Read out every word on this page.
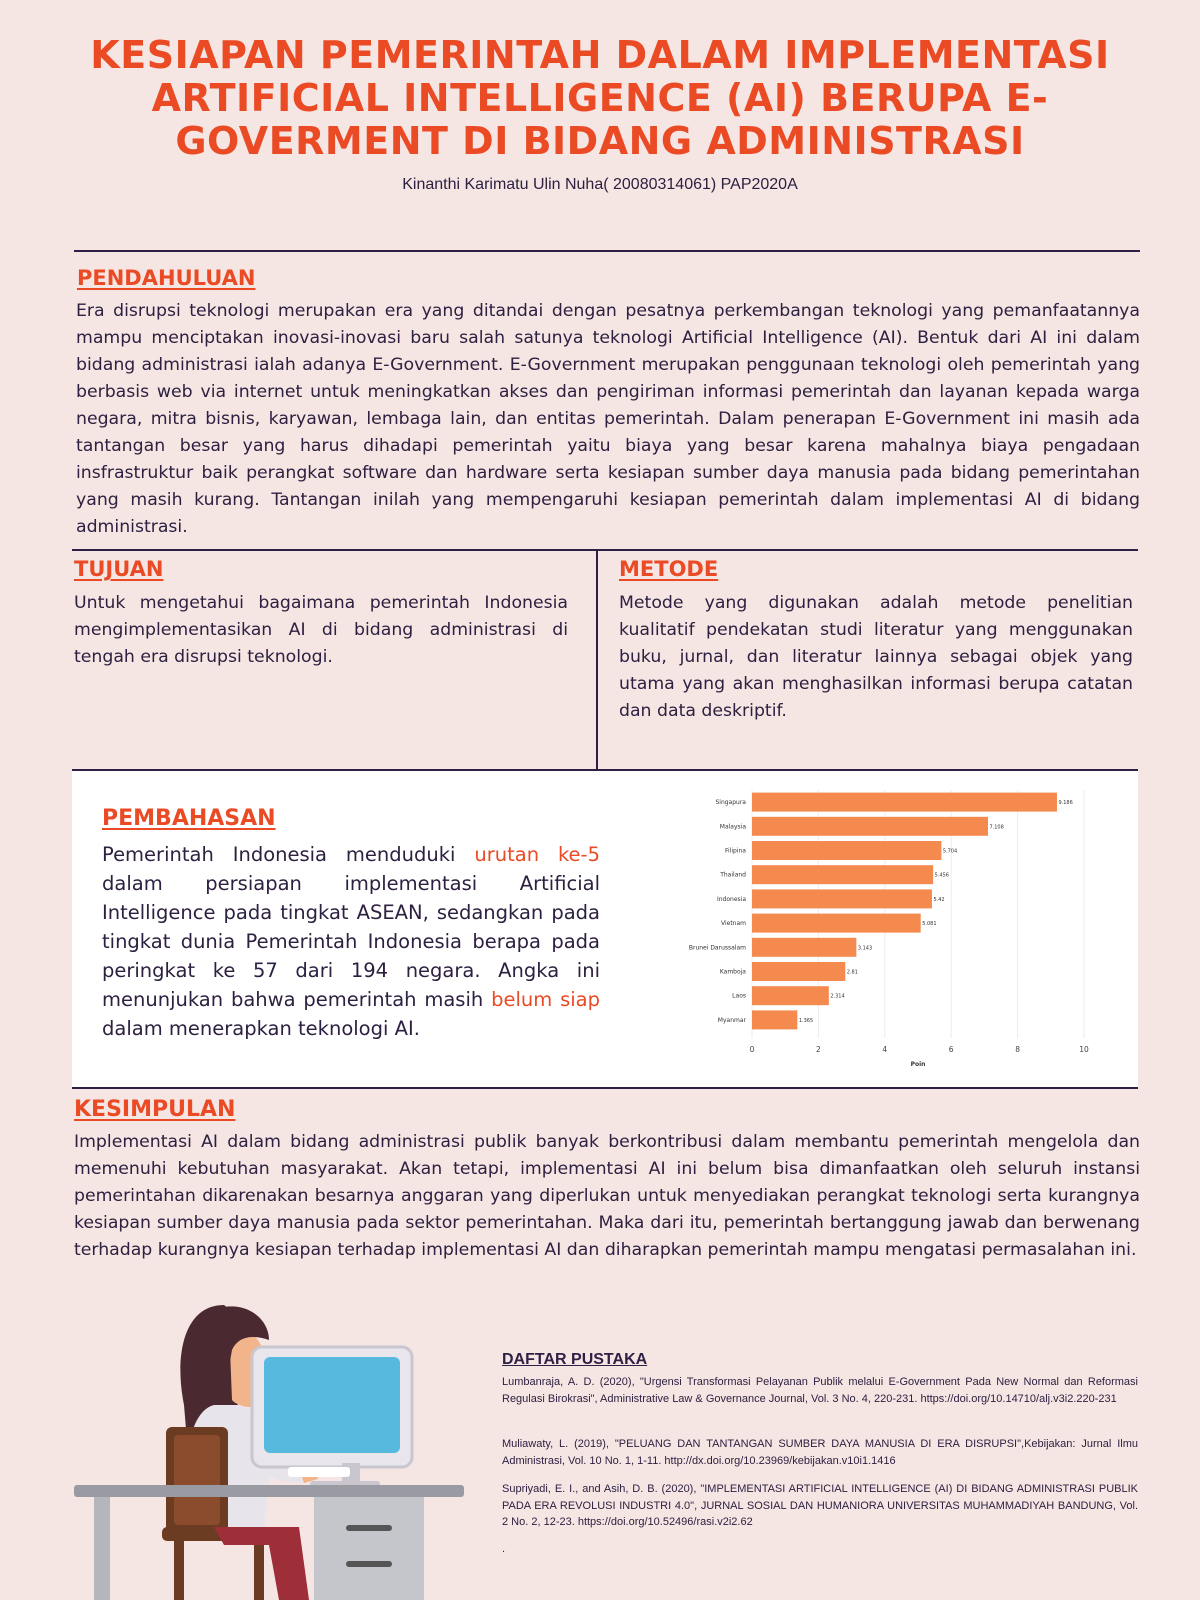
KESIAPAN PEMERINTAH DALAM IMPLEMENTASI
ARTIFICIAL INTELLIGENCE (AI) BERUPA E-
GOVERMENT DI BIDANG ADMINISTRASI
Kinanthi Karimatu Ulin Nuha( 20080314061) PAP2020A
PENDAHULUAN

Era disrupsi teknologi merupakan era yang ditandai dengan pesatnya perkembangan teknologi yang pemanfaatannya mampu menciptakan inovasi-inovasi baru salah satunya teknologi Artificial Intelligence (AI). Bentuk dari AI ini dalam bidang administrasi ialah adanya E-Government. E-Government merupakan penggunaan teknologi oleh pemerintah yang berbasis web via internet untuk meningkatkan akses dan pengiriman informasi pemerintah dan layanan kepada warga negara, mitra bisnis, karyawan, lembaga lain, dan entitas pemerintah. Dalam penerapan E-Government ini masih ada tantangan besar yang harus dihadapi pemerintah yaitu biaya yang besar karena mahalnya biaya pengadaan insfrastruktur baik perangkat software dan hardware serta kesiapan sumber daya manusia pada bidang pemerintahan yang masih kurang. Tantangan inilah yang mempengaruhi kesiapan pemerintah dalam implementasi AI di bidang administrasi.

TUJUAN

Untuk mengetahui bagaimana pemerintah Indonesia mengimplementasikan AI di bidang administrasi di tengah era disrupsi teknologi.

METODE

Metode yang digunakan adalah metode penelitian kualitatif pendekatan studi literatur yang menggunakan buku, jurnal, dan literatur lainnya sebagai objek yang utama yang akan menghasilkan informasi berupa catatan dan data deskriptif.

PEMBAHASAN

Pemerintah Indonesia menduduki urutan ke-5 dalam persiapan implementasi Artificial Intelligence pada tingkat ASEAN, sedangkan pada tingkat dunia Pemerintah Indonesia berapa pada peringkat ke 57 dari 194 negara. Angka ini menunjukan bahwa pemerintah masih belum siap dalam menerapkan teknologi AI.

0	2	4	6	8	10
Poin
Singapura	9.186
Malaysia	7.108
Filipina	5.704
Thailand	5.456
Indonesia	5.42
Vietnam	5.081
Brunei Darussalam	3.143
Kamboja	2.81
Laos	2.314
Myanmar	1.365
KESIMPULAN

Implementasi AI dalam bidang administrasi publik banyak berkontribusi dalam membantu pemerintah mengelola dan memenuhi kebutuhan masyarakat. Akan tetapi, implementasi AI ini belum bisa dimanfaatkan oleh seluruh instansi pemerintahan dikarenakan besarnya anggaran yang diperlukan untuk menyediakan perangkat teknologi serta kurangnya kesiapan sumber daya manusia pada sektor pemerintahan. Maka dari itu, pemerintah bertanggung jawab dan berwenang terhadap kurangnya kesiapan terhadap implementasi AI dan diharapkan pemerintah mampu mengatasi permasalahan ini.

DAFTAR PUSTAKA

Lumbanraja, A. D. (2020), "Urgensi Transformasi Pelayanan Publik melalui E-Government Pada New Normal dan Reformasi Regulasi Birokrasi", Administrative Law & Governance Journal, Vol. 3 No. 4, 220-231. https://doi.org/10.14710/alj.v3i2.220-231

Muliawaty, L. (2019), "PELUANG DAN TANTANGAN SUMBER DAYA MANUSIA DI ERA DISRUPSI",Kebijakan: Jurnal Ilmu Administrasi, Vol. 10 No. 1, 1-11. http://dx.doi.org/10.23969/kebijakan.v10i1.1416

Supriyadi, E. I., and Asih, D. B. (2020), "IMPLEMENTASI ARTIFICIAL INTELLIGENCE (AI) DI BIDANG ADMINISTRASI PUBLIK PADA ERA REVOLUSI INDUSTRI 4.0", JURNAL SOSIAL DAN HUMANIORA UNIVERSITAS MUHAMMADIYAH BANDUNG, Vol. 2 No. 2, 12-23. https://doi.org/10.52496/rasi.v2i2.62

.
